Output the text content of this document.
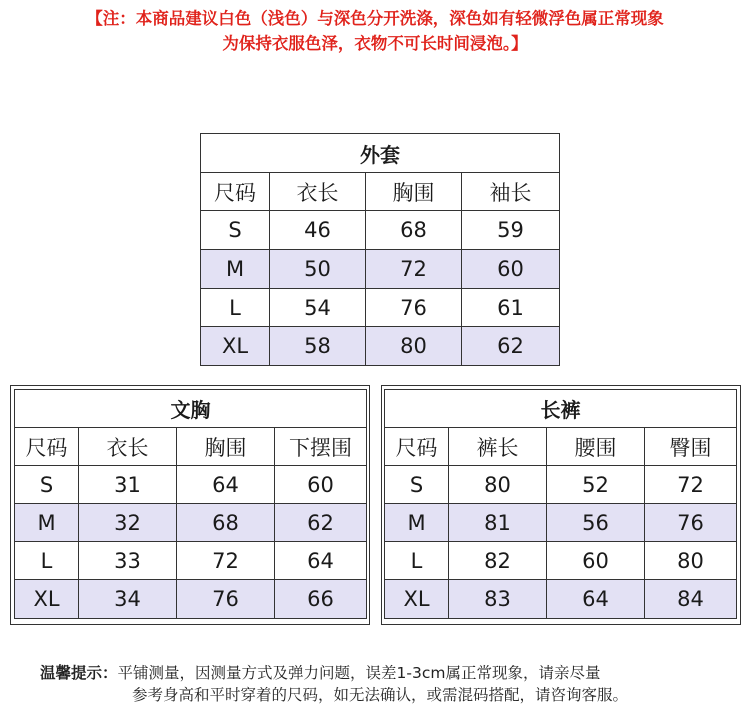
【注：本商品建议白色（浅色）与深色分开洗涤，深色如有轻微浮色属正常现象
为保持衣服色泽，衣物不可长时间浸泡。】
外套			
尺码	衣长	胸围	袖长
S	46	68	59
M	50	72	60
L	54	76	61
XL	58	80	62
文胸			
尺码	衣长	胸围	下摆围
S	31	64	60
M	32	68	62
L	33	72	64
XL	34	76	66
长裤			
尺码	裤长	腰围	臀围
S	80	52	72
M	81	56	76
L	82	60	80
XL	83	64	84
温馨提示：平铺测量，因测量方式及弹力问题，误差1-3cm属正常现象，请亲尽量
参考身高和平时穿着的尺码，如无法确认，或需混码搭配，请咨询客服。
